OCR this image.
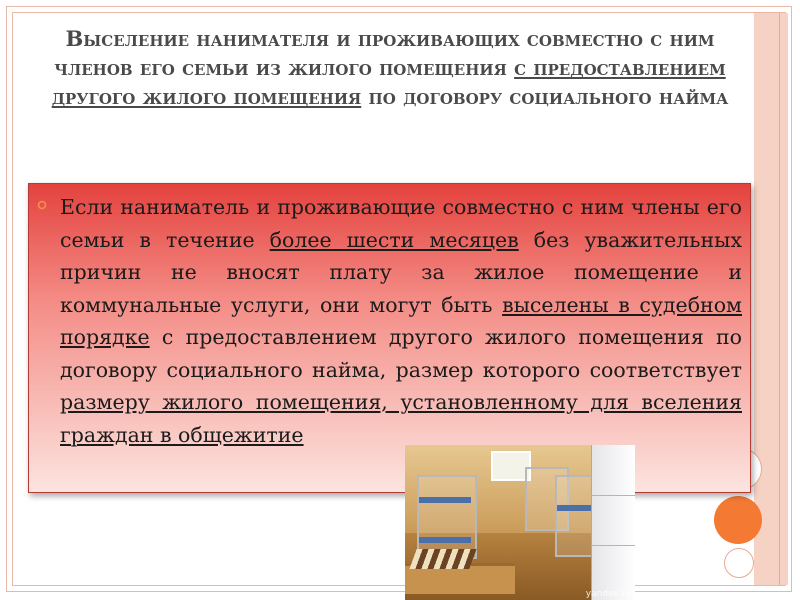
Выселение нанимателя и проживающих совместно с ним членов его семьи из жилого помещения с предоставлением другого жилого помещения по договору социального найма

Если наниматель и проживающие совместно с ним члены его семьи в течение более шести месяцев без уважительных причин не вносят плату за жилое помещение и коммунальные услуги, они могут быть выселены в судебном порядке с предоставлением другого жилого помещения по договору социального найма, размер которого соответствует размеру жилого помещения, установленному для вселения граждан в общежитие

yandex.ru
